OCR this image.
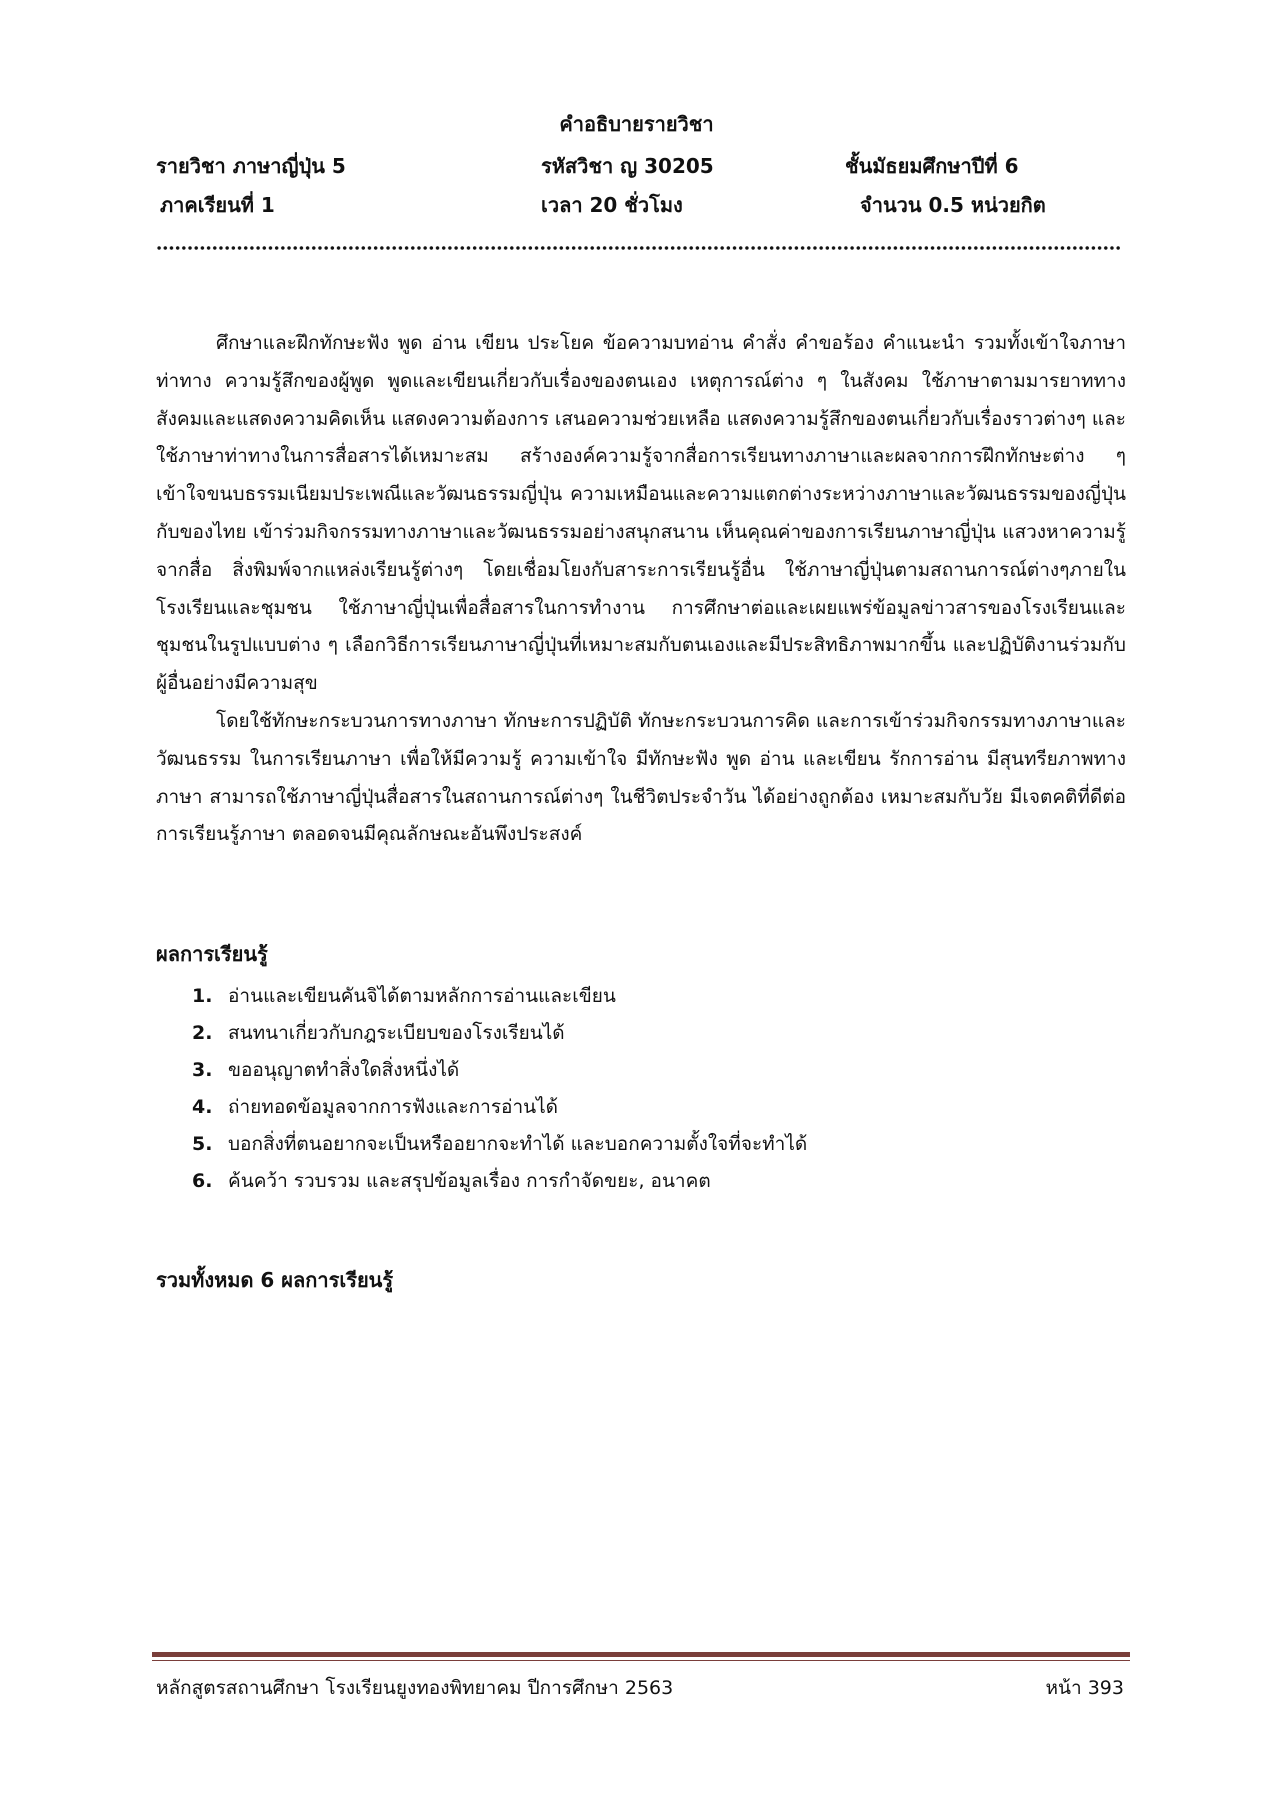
คำอธิบายรายวิชา
รายวิชา ภาษาญี่ปุ่น 5	รหัสวิชา ญ 30205	ชั้นมัธยมศึกษาปีที่ 6
ภาคเรียนที่ 1	เวลา 20 ชั่วโมง	จำนวน 0.5 หน่วยกิต

ศึกษาและฝึกทักษะฟัง พูด อ่าน เขียน ประโยค ข้อความบทอ่าน คำสั่ง คำขอร้อง คำแนะนำ รวมทั้งเข้าใจภาษาท่าทาง ความรู้สึกของผู้พูด พูดและเขียนเกี่ยวกับเรื่องของตนเอง เหตุการณ์ต่าง ๆ ในสังคม ใช้ภาษาตามมารยาททางสังคมและแสดงความคิดเห็น แสดงความต้องการ เสนอความช่วยเหลือ แสดงความรู้สึกของตนเกี่ยวกับเรื่องราวต่างๆ และใช้ภาษาท่าทางในการสื่อสารได้เหมาะสม สร้างองค์ความรู้จากสื่อการเรียนทางภาษาและผลจากการฝึกทักษะต่าง ๆ เข้าใจขนบธรรมเนียมประเพณีและวัฒนธรรมญี่ปุ่น ความเหมือนและความแตกต่างระหว่างภาษาและวัฒนธรรมของญี่ปุ่นกับของไทย เข้าร่วมกิจกรรมทางภาษาและวัฒนธรรมอย่างสนุกสนาน เห็นคุณค่าของการเรียนภาษาญี่ปุ่น แสวงหาความรู้จากสื่อ สิ่งพิมพ์จากแหล่งเรียนรู้ต่างๆ โดยเชื่อมโยงกับสาระการเรียนรู้อื่น ใช้ภาษาญี่ปุ่นตามสถานการณ์ต่างๆภายในโรงเรียนและชุมชน ใช้ภาษาญี่ปุ่นเพื่อสื่อสารในการทำงาน การศึกษาต่อและเผยแพร่ข้อมูลข่าวสารของโรงเรียนและชุมชนในรูปแบบต่าง ๆ เลือกวิธีการเรียนภาษาญี่ปุ่นที่เหมาะสมกับตนเองและมีประสิทธิภาพมากขึ้น และปฏิบัติงานร่วมกับผู้อื่นอย่างมีความสุข

โดยใช้ทักษะกระบวนการทางภาษา ทักษะการปฏิบัติ ทักษะกระบวนการคิด และการเข้าร่วมกิจกรรมทางภาษาและวัฒนธรรม ในการเรียนภาษา เพื่อให้มีความรู้ ความเข้าใจ มีทักษะฟัง พูด อ่าน และเขียน รักการอ่าน มีสุนทรียภาพทางภาษา สามารถใช้ภาษาญี่ปุ่นสื่อสารในสถานการณ์ต่างๆ ในชีวิตประจำวัน ได้อย่างถูกต้อง เหมาะสมกับวัย มีเจตคติที่ดีต่อการเรียนรู้ภาษา ตลอดจนมีคุณลักษณะอันพึงประสงค์

ผลการเรียนรู้
1. อ่านและเขียนคันจิได้ตามหลักการอ่านและเขียน
2. สนทนาเกี่ยวกับกฎระเบียบของโรงเรียนได้
3. ขออนุญาตทำสิ่งใดสิ่งหนึ่งได้
4. ถ่ายทอดข้อมูลจากการฟังและการอ่านได้
5. บอกสิ่งที่ตนอยากจะเป็นหรืออยากจะทำได้ และบอกความตั้งใจที่จะทำได้
6. ค้นคว้า รวบรวม และสรุปข้อมูลเรื่อง การกำจัดขยะ, อนาคต
รวมทั้งหมด 6 ผลการเรียนรู้
หลักสูตรสถานศึกษา โรงเรียนยูงทองพิทยาคม ปีการศึกษา 2563	หน้า 393
